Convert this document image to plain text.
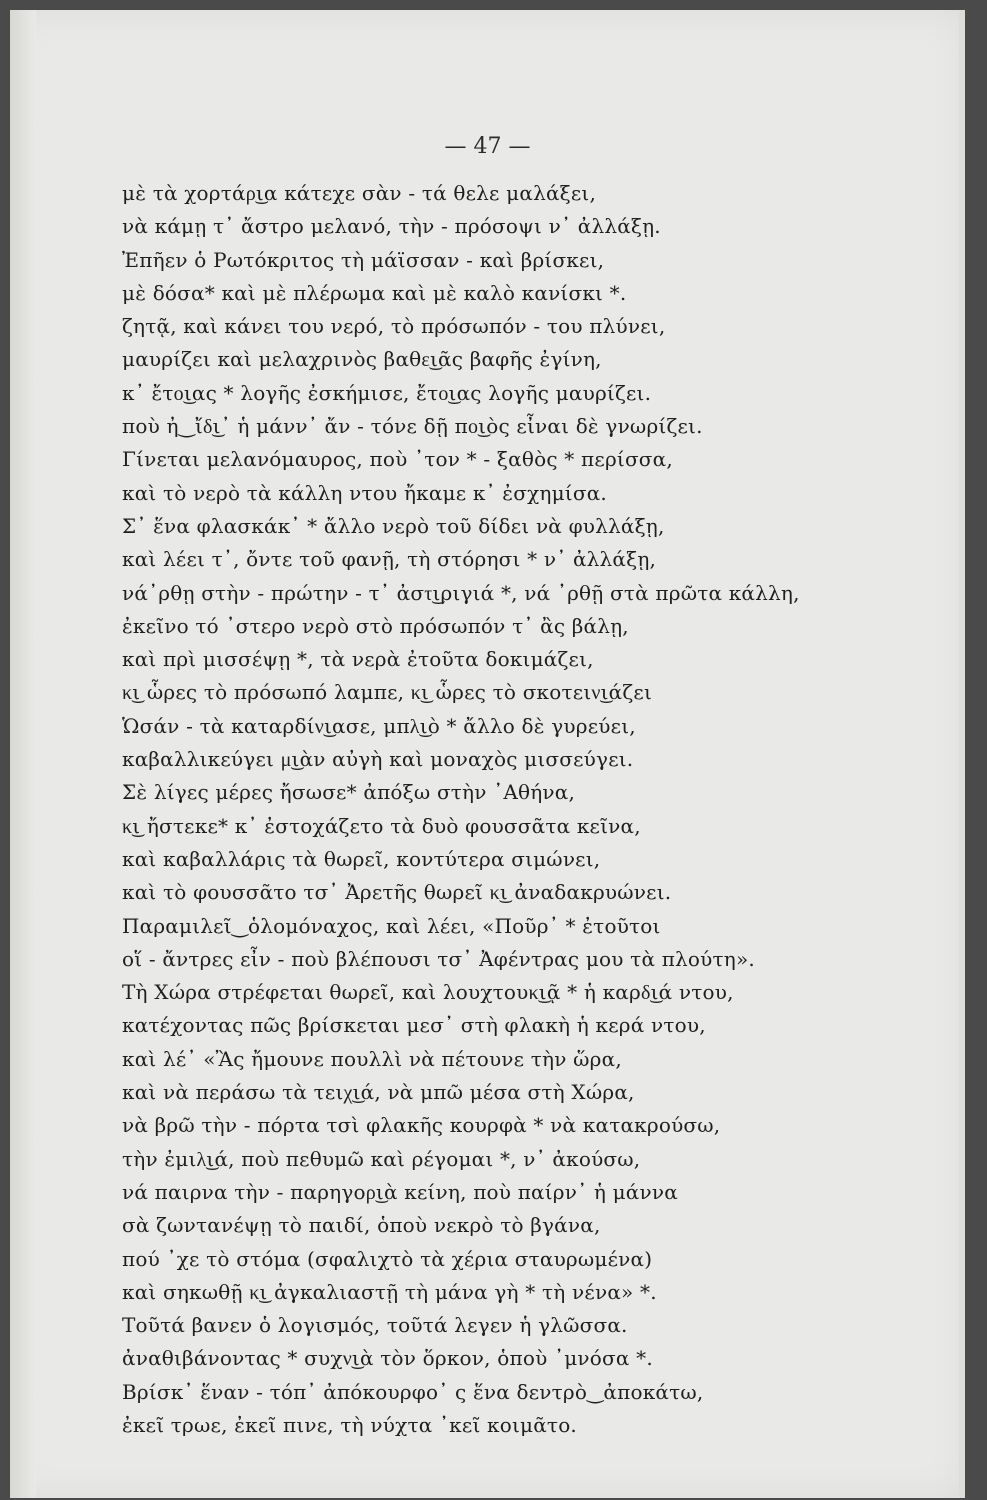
— 47 —
μὲ τὰ χορτάρ͜ια κάτεχε σὰν - τά θελε μαλάξει,
νὰ κάμῃ τ᾽ ἄστρο μελανό, τὴν - πρόσοψι ν᾽ ἀλλάξῃ.
Ἐπῆεν ὁ Ρωτόκριτος τὴ μάϊσσαν - καὶ βρίσκει,
μὲ δόσα* καὶ μὲ πλέρωμα καὶ μὲ καλὸ κανίσκι *.
ζητᾷ, καὶ κάνει του νερό, τὸ πρόσωπόν - του πλύνει,
μαυρίζει καὶ μελαχρινὸς βαθε͜ιᾶς βαφῆς ἐγίνη,
κ᾽ ἔτο͜ιας * λογῆς ἐσκήμισε, ἔτο͜ιας λογῆς μαυρίζει.
ποὺ ἠ‿ἴδ͜ι᾽ ἡ μάνν᾽ ἄν - τόνε δῇ πο͜ιὸς εἶναι δὲ γνωρίζει.
Γίνεται μελανόμαυρος, ποὺ ᾽τον * - ξαθὸς * περίσσα,
καὶ τὸ νερὸ τὰ κάλλη ντου ἤκαμε κ᾽ ἐσχημίσα.
Σ᾽ ἕνα φλασκάκ᾽ * ἄλλο νερὸ τοῦ δίδει νὰ φυλλάξῃ,
καὶ λέει τ᾽, ὄντε τοῦ φανῇ, τὴ στόρησι * ν᾽ ἀλλάξῃ,
νά᾽ρθῃ στὴν - πρώτην - τ᾽ ἀστ͜ιριγιά *, νά ᾽ρθῇ στὰ πρῶτα κάλλη,
ἐκεῖνο τό ᾽στερο νερὸ στὸ πρόσωπόν τ᾽ ἂς βάλῃ,
καὶ πρὶ μισσέψῃ *, τὰ νερὰ ἐτοῦτα δοκιμάζει,
κ͜ι ὧρες τὸ πρόσωπό λαμπε, κ͜ι ὧρες τὸ σκοτειν͜ιάζει
Ὡσάν - τὰ καταρδίν͜ιασε, μπλ͜ιὸ * ἄλλο δὲ γυρεύει,
καβαλλικεύγει μ͜ιὰν αὐγὴ καὶ μοναχὸς μισσεύγει.
Σὲ λίγες μέρες ἤσωσε* ἀπόξω στὴν ᾽Αθήνα,
κ͜ι ἤστεκε* κ᾽ ἐστοχάζετο τὰ δυὸ φουσσᾶτα κεῖνα,
καὶ καβαλλάρις τὰ θωρεῖ, κοντύτερα σιμώνει,
καὶ τὸ φουσσᾶτο τσ᾽ Ἀρετῆς θωρεῖ κ͜ι ἀναδακρυώνει.
Παραμιλεῖ‿ὁλομόναχος, καὶ λέει, «Ποῦρ᾽ * ἐτοῦτοι
οἵ - ἄντρες εἶν - ποὺ βλέπουσι τσ᾽ Ἀφέντρας μου τὰ πλούτη».
Τὴ Χώρα στρέφεται θωρεῖ, καὶ λουχτουκ͜ιᾷ * ἡ καρδ͜ιά ντου,
κατέχοντας πῶς βρίσκεται μεσ᾽ στὴ φλακὴ ἡ κερά ντου,
καὶ λέ᾽ «Ἂς ἤμουνε πουλλὶ νὰ πέτουνε τὴν ὥρα,
καὶ νὰ περάσω τὰ τειχ͜ιά, νὰ μπῶ μέσα στὴ Χώρα,
νὰ βρῶ τὴν - πόρτα τσὶ φλακῆς κουρφὰ * νὰ κατακρούσω,
τὴν ἐμιλ͜ιά, ποὺ πεθυμῶ καὶ ρέγομαι *, ν᾽ ἀκούσω,
νά παιρνα τὴν - παρηγορ͜ιὰ κείνη, ποὺ παίρν᾽ ἡ μάννα
σὰ ζωντανέψῃ τὸ παιδί, ὁποὺ νεκρὸ τὸ βγάνα,
πού ᾽χε τὸ στόμα (σφαλιχτὸ τὰ χέρια σταυρωμένα)
καὶ σηκωθῇ κ͜ι ἀγκαλιαστῇ τὴ μάνα γὴ * τὴ νένα» *.
Τοῦτά βανεν ὁ λογισμός, τοῦτά λεγεν ἡ γλῶσσα.
ἀναθιβάνοντας * συχν͜ιὰ τὸν ὅρκον, ὁποὺ ᾽μνόσα *.
Βρίσκ᾽ ἕναν - τόπ᾽ ἀπόκουρφο᾽ ς ἕνα δεντρὸ‿ἀποκάτω,
ἐκεῖ τρωε, ἐκεῖ πινε, τὴ νύχτα ᾽κεῖ κοιμᾶτο.
